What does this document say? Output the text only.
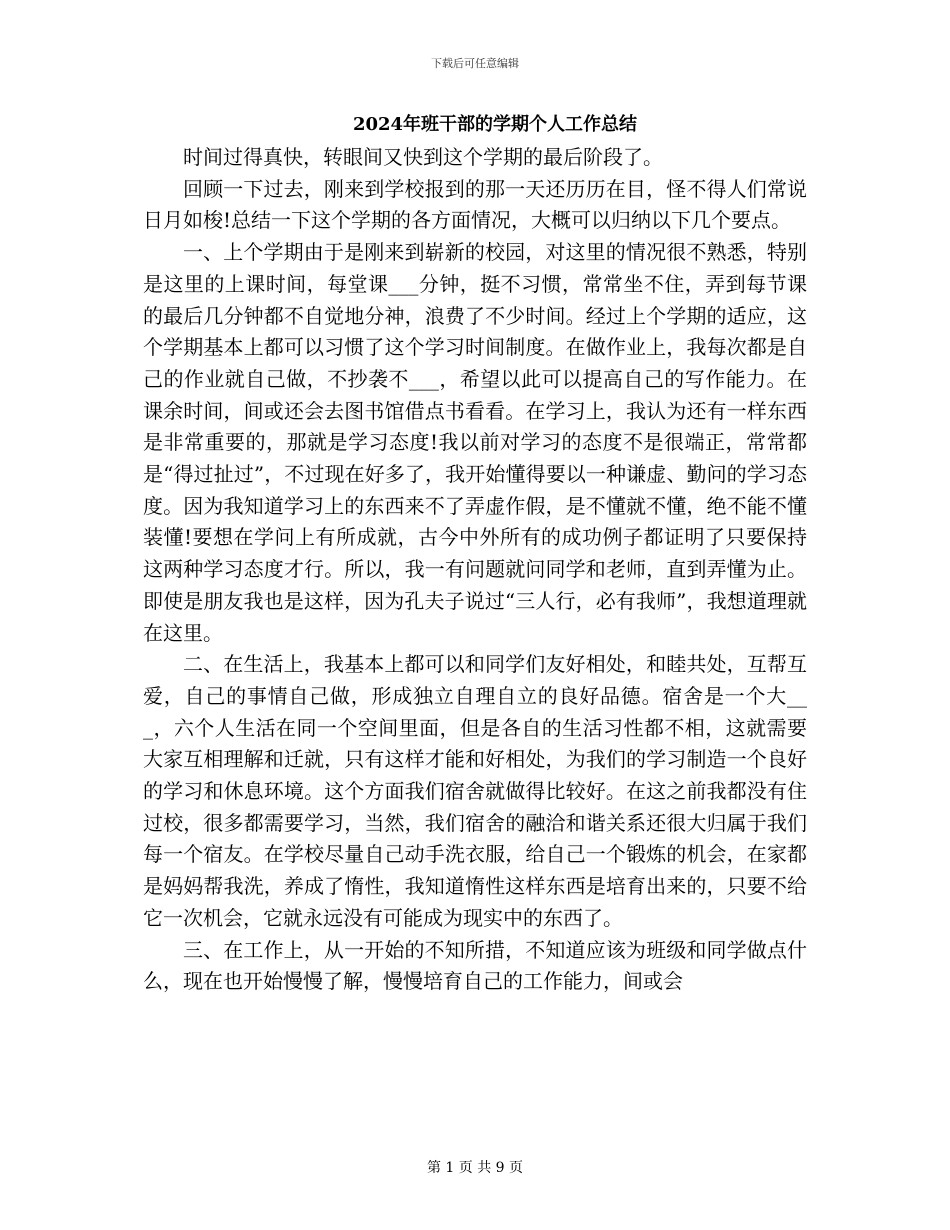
下载后可任意编辑
2024年班干部的学期个人工作总结

时间过得真快，转眼间又快到这个学期的最后阶段了。

回顾一下过去，刚来到学校报到的那一天还历历在目，怪不得人们常说日月如梭!总结一下这个学期的各方面情况，大概可以归纳以下几个要点。

一、上个学期由于是刚来到崭新的校园，对这里的情况很不熟悉，特别是这里的上课时间，每堂课___分钟，挺不习惯，常常坐不住，弄到每节课的最后几分钟都不自觉地分神，浪费了不少时间。经过上个学期的适应，这个学期基本上都可以习惯了这个学习时间制度。在做作业上，我每次都是自己的作业就自己做，不抄袭不___，希望以此可以提高自己的写作能力。在课余时间，间或还会去图书馆借点书看看。在学习上，我认为还有一样东西是非常重要的，那就是学习态度!我以前对学习的态度不是很端正，常常都是“得过扯过”，不过现在好多了，我开始懂得要以一种谦虚、勤问的学习态度。因为我知道学习上的东西来不了弄虚作假，是不懂就不懂，绝不能不懂装懂!要想在学问上有所成就，古今中外所有的成功例子都证明了只要保持这两种学习态度才行。所以，我一有问题就问同学和老师，直到弄懂为止。即使是朋友我也是这样，因为孔夫子说过“三人行，必有我师”，我想道理就在这里。

二、在生活上，我基本上都可以和同学们友好相处，和睦共处，互帮互爱，自己的事情自己做，形成独立自理自立的良好品德。宿舍是一个大___，六个人生活在同一个空间里面，但是各自的生活习性都不相，这就需要大家互相理解和迁就，只有这样才能和好相处，为我们的学习制造一个良好的学习和休息环境。这个方面我们宿舍就做得比较好。在这之前我都没有住过校，很多都需要学习，当然，我们宿舍的融洽和谐关系还很大归属于我们每一个宿友。在学校尽量自己动手洗衣服，给自己一个锻炼的机会，在家都是妈妈帮我洗，养成了惰性，我知道惰性这样东西是培育出来的，只要不给它一次机会，它就永远没有可能成为现实中的东西了。

三、在工作上，从一开始的不知所措，不知道应该为班级和同学做点什么，现在也开始慢慢了解，慢慢培育自己的工作能力，间或会

第 1 页 共 9 页
